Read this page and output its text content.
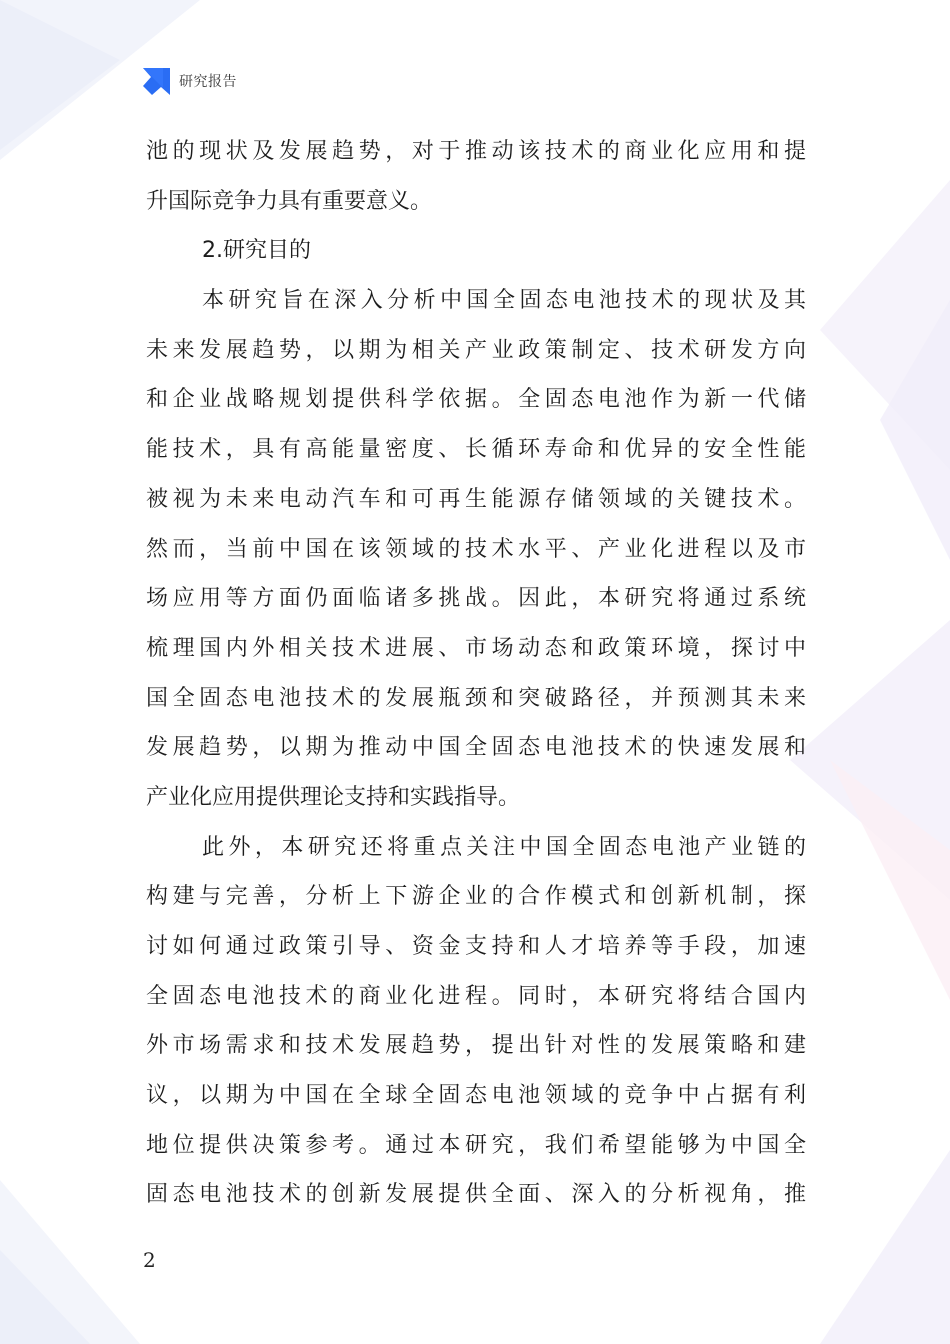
研究报告
池的现状及发展趋势，对于推动该技术的商业化应用和提
升国际竞争力具有重要意义。
2.研究目的
本研究旨在深入分析中国全固态电池技术的现状及其
未来发展趋势，以期为相关产业政策制定、技术研发方向
和企业战略规划提供科学依据。全固态电池作为新一代储
能技术，具有高能量密度、长循环寿命和优异的安全性能
被视为未来电动汽车和可再生能源存储领域的关键技术。
然而，当前中国在该领域的技术水平、产业化进程以及市
场应用等方面仍面临诸多挑战。因此，本研究将通过系统
梳理国内外相关技术进展、市场动态和政策环境，探讨中
国全固态电池技术的发展瓶颈和突破路径，并预测其未来
发展趋势，以期为推动中国全固态电池技术的快速发展和
产业化应用提供理论支持和实践指导。
此外，本研究还将重点关注中国全固态电池产业链的
构建与完善，分析上下游企业的合作模式和创新机制，探
讨如何通过政策引导、资金支持和人才培养等手段，加速
全固态电池技术的商业化进程。同时，本研究将结合国内
外市场需求和技术发展趋势，提出针对性的发展策略和建
议，以期为中国在全球全固态电池领域的竞争中占据有利
地位提供决策参考。通过本研究，我们希望能够为中国全
固态电池技术的创新发展提供全面、深入的分析视角，推
2
